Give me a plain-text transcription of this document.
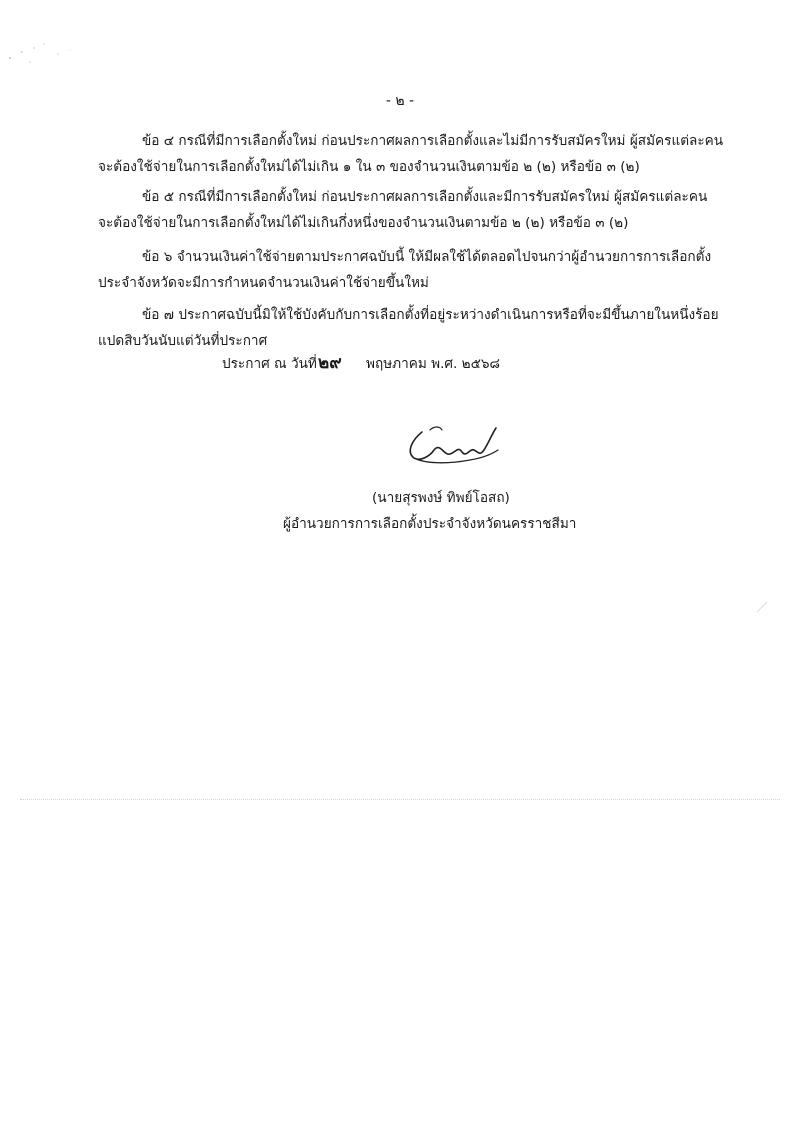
- ๒ -
ข้อ ๔ กรณีที่มีการเลือกตั้งใหม่ ก่อนประกาศผลการเลือกตั้งและไม่มีการรับสมัครใหม่ ผู้สมัครแต่ละคน
จะต้องใช้จ่ายในการเลือกตั้งใหม่ได้ไม่เกิน ๑ ใน ๓ ของจำนวนเงินตามข้อ ๒ (๒) หรือข้อ ๓ (๒)
ข้อ ๕ กรณีที่มีการเลือกตั้งใหม่ ก่อนประกาศผลการเลือกตั้งและมีการรับสมัครใหม่ ผู้สมัครแต่ละคน
จะต้องใช้จ่ายในการเลือกตั้งใหม่ได้ไม่เกินกึ่งหนึ่งของจำนวนเงินตามข้อ ๒ (๒) หรือข้อ ๓ (๒)
ข้อ ๖ จำนวนเงินค่าใช้จ่ายตามประกาศฉบับนี้ ให้มีผลใช้ได้ตลอดไปจนกว่าผู้อำนวยการการเลือกตั้ง
ประจำจังหวัดจะมีการกำหนดจำนวนเงินค่าใช้จ่ายขึ้นใหม่
ข้อ ๗ ประกาศฉบับนี้มิให้ใช้บังคับกับการเลือกตั้งที่อยู่ระหว่างดำเนินการหรือที่จะมีขึ้นภายในหนึ่งร้อย
แปดสิบวันนับแต่วันที่ประกาศ
ประกาศ ณ วันที่ ๒๙ พฤษภาคม พ.ศ. ๒๕๖๘
(นายสุรพงษ์ ทิพย์โอสถ)
ผู้อำนวยการการเลือกตั้งประจำจังหวัดนครราชสีมา
